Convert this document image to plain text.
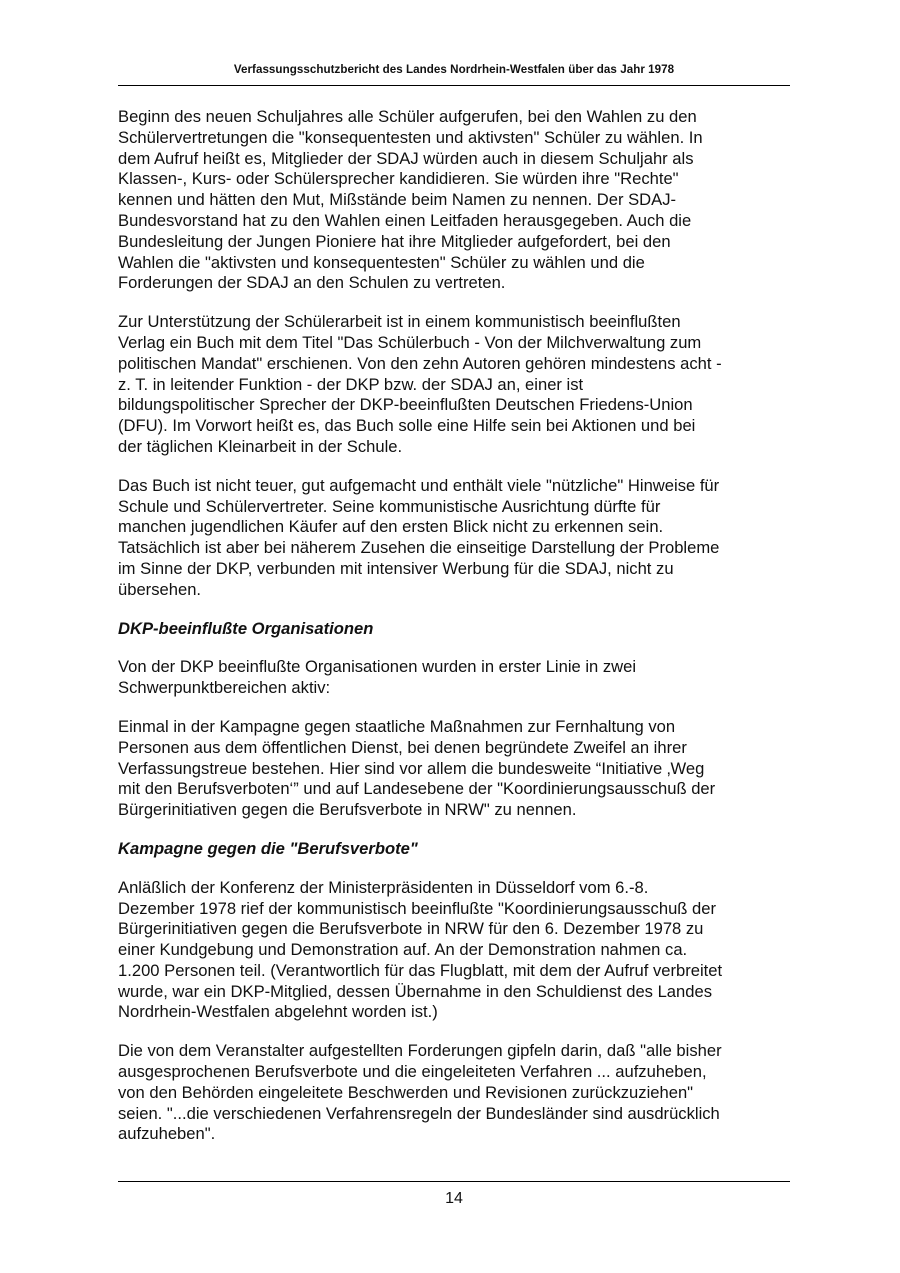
Verfassungsschutzbericht des Landes Nordrhein-Westfalen über das Jahr 1978
Beginn des neuen Schuljahres alle Schüler aufgerufen, bei den Wahlen zu den
Schülervertretungen die "konsequentesten und aktivsten" Schüler zu wählen. In
dem Aufruf heißt es, Mitglieder der SDAJ würden auch in diesem Schuljahr als
Klassen-, Kurs- oder Schülersprecher kandidieren. Sie würden ihre "Rechte"
kennen und hätten den Mut, Mißstände beim Namen zu nennen. Der SDAJ-
Bundesvorstand hat zu den Wahlen einen Leitfaden herausgegeben. Auch die
Bundesleitung der Jungen Pioniere hat ihre Mitglieder aufgefordert, bei den
Wahlen die "aktivsten und konsequentesten" Schüler zu wählen und die
Forderungen der SDAJ an den Schulen zu vertreten.
Zur Unterstützung der Schülerarbeit ist in einem kommunistisch beeinflußten
Verlag ein Buch mit dem Titel "Das Schülerbuch - Von der Milchverwaltung zum
politischen Mandat" erschienen. Von den zehn Autoren gehören mindestens acht -
z. T. in leitender Funktion - der DKP bzw. der SDAJ an, einer ist
bildungspolitischer Sprecher der DKP-beeinflußten Deutschen Friedens-Union
(DFU). Im Vorwort heißt es, das Buch solle eine Hilfe sein bei Aktionen und bei
der täglichen Kleinarbeit in der Schule.
Das Buch ist nicht teuer, gut aufgemacht und enthält viele "nützliche" Hinweise für
Schule und Schülervertreter. Seine kommunistische Ausrichtung dürfte für
manchen jugendlichen Käufer auf den ersten Blick nicht zu erkennen sein.
Tatsächlich ist aber bei näherem Zusehen die einseitige Darstellung der Probleme
im Sinne der DKP, verbunden mit intensiver Werbung für die SDAJ, nicht zu
übersehen.
DKP-beeinflußte Organisationen
Von der DKP beeinflußte Organisationen wurden in erster Linie in zwei
Schwerpunktbereichen aktiv:
Einmal in der Kampagne gegen staatliche Maßnahmen zur Fernhaltung von
Personen aus dem öffentlichen Dienst, bei denen begründete Zweifel an ihrer
Verfassungstreue bestehen. Hier sind vor allem die bundesweite “Initiative ‚Weg
mit den Berufsverboten‘” und auf Landesebene der "Koordinierungsausschuß der
Bürgerinitiativen gegen die Berufsverbote in NRW" zu nennen.
Kampagne gegen die "Berufsverbote"
Anläßlich der Konferenz der Ministerpräsidenten in Düsseldorf vom 6.-8.
Dezember 1978 rief der kommunistisch beeinflußte "Koordinierungsausschuß der
Bürgerinitiativen gegen die Berufsverbote in NRW für den 6. Dezember 1978 zu
einer Kundgebung und Demonstration auf. An der Demonstration nahmen ca.
1.200 Personen teil. (Verantwortlich für das Flugblatt, mit dem der Aufruf verbreitet
wurde, war ein DKP-Mitglied, dessen Übernahme in den Schuldienst des Landes
Nordrhein-Westfalen abgelehnt worden ist.)
Die von dem Veranstalter aufgestellten Forderungen gipfeln darin, daß "alle bisher
ausgesprochenen Berufsverbote und die eingeleiteten Verfahren ... aufzuheben,
von den Behörden eingeleitete Beschwerden und Revisionen zurückzuziehen"
seien. "...die verschiedenen Verfahrensregeln der Bundesländer sind ausdrücklich
aufzuheben".
14
